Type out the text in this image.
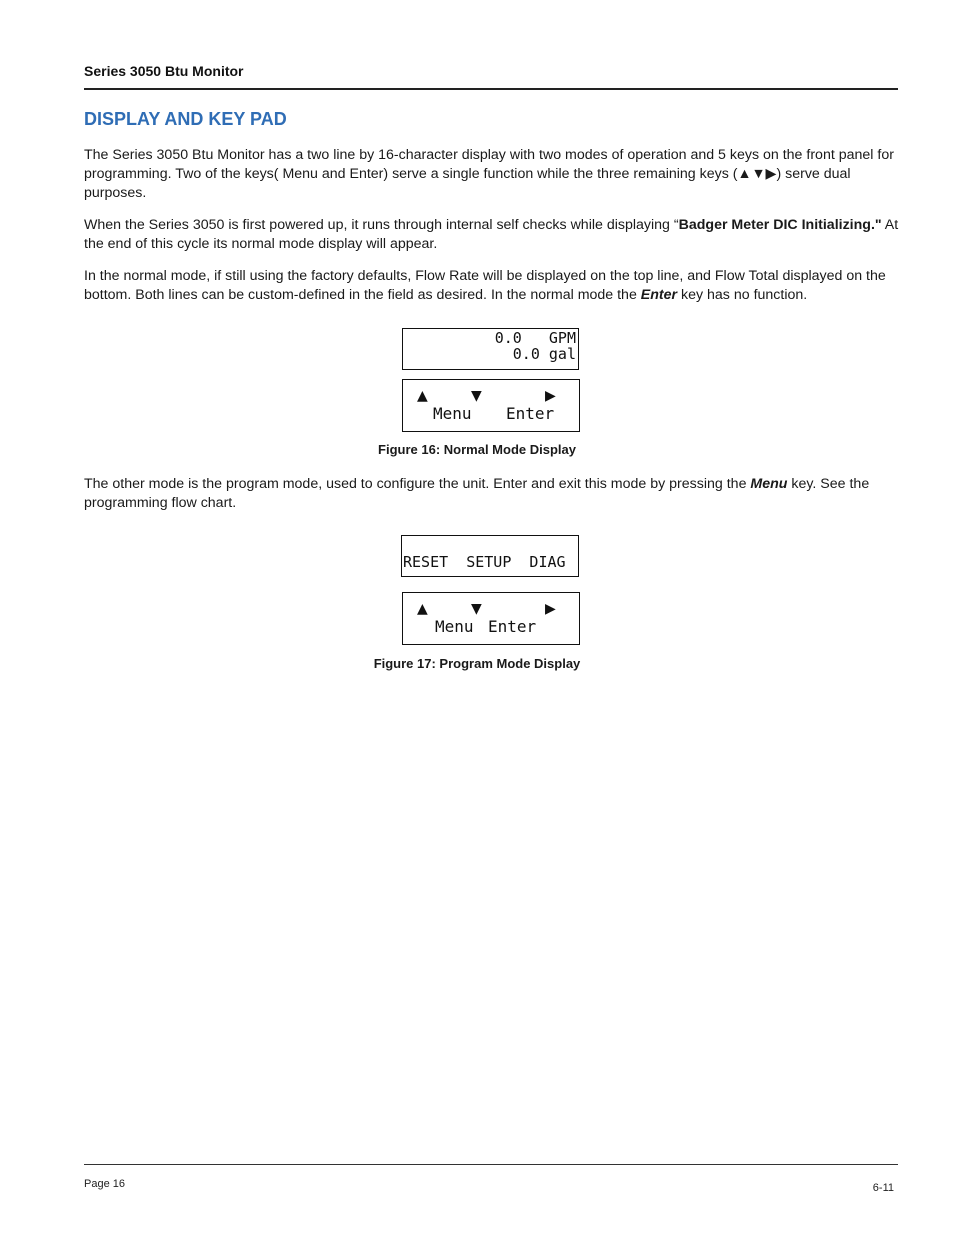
Series 3050 Btu Monitor
DISPLAY AND KEY PAD
The Series 3050 Btu Monitor has a two line by 16-character display with two modes of operation and 5 keys on the front panel for programming. Two of the keys( Menu and Enter) serve a single function while the three remaining keys (▲▼▶) serve dual purposes.
When the Series 3050 is first powered up, it runs through internal self checks while displaying “Badger Meter DIC Initializing." At the end of this cycle its normal mode display will appear.
In the normal mode, if still using the factory defaults, Flow Rate will be displayed on the top line, and Flow Total displayed on the bottom. Both lines can be custom-defined in the field as desired. In the normal mode the Enter key has no function.
0.0   GPM
0.0 gal
▲	▼	▶
Menu Enter
Figure 16: Normal Mode Display
The other mode is the program mode, used to configure the unit. Enter and exit this mode by pressing the Menu key. See the programming flow chart.
RESET  SETUP  DIAG
▲	▼	▶
Menu Enter
Figure 17: Program Mode Display
Page 16	6-11
